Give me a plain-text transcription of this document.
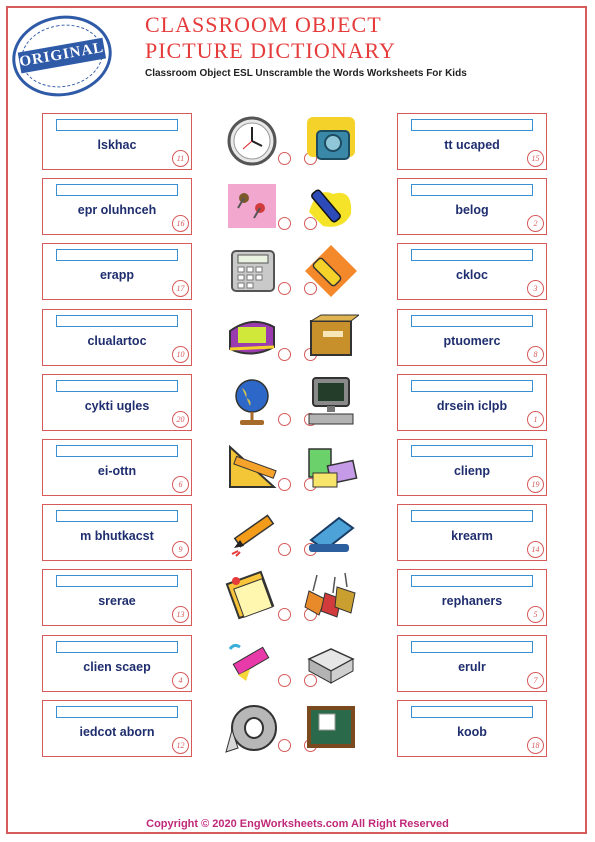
ORIGINAL
CLASSROOM OBJECT
PICTURE DICTIONARY
Classroom Object ESL Unscramble the Words Worksheets For Kids
lskhac
11
tt ucaped
15
epr oluhnceh
16
belog
2
erapp
17
ckloc
3
clualartoc
10
ptuomerc
8
cykti ugles
20
drsein iclpb
1
ei-ottn
6
clienp
19
m bhutkacst
9
krearm
14
srerae
13
rephaners
5
clien scaep
4
erulr
7
iedcot aborn
12
koob
18
Copyright © 2020 EngWorksheets.com All Right Reserved
